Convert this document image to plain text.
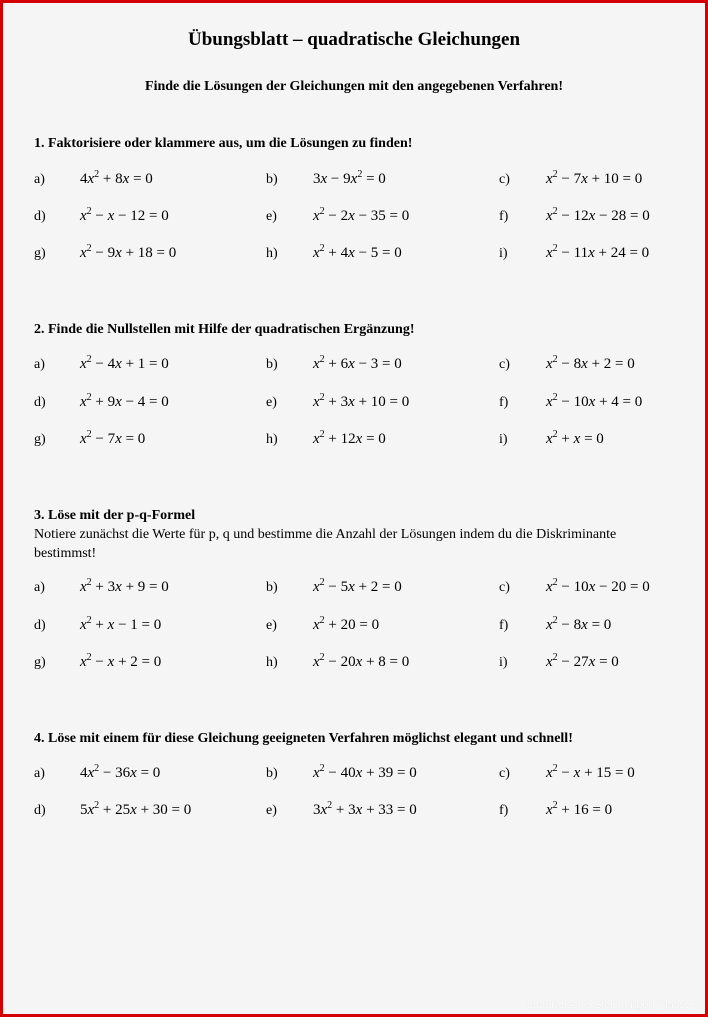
Übungsblatt – quadratische Gleichungen
Finde die Lösungen der Gleichungen mit den angegebenen Verfahren!
1. Faktorisiere oder klammere aus, um die Lösungen zu finden!
a) $4x^2 + 8x = 0$	b) $3x - 9x^2 = 0$	c) $x^2 - 7x + 10 = 0$
d) $x^2 - x - 12 = 0$	e) $x^2 - 2x - 35 = 0$	f)	$x^2 - 12x - 28 = 0$
g) $x^2 - 9x + 18 = 0$	h) $x^2 + 4x - 5 = 0$	i)	$x^2 - 11x + 24 = 0$
2. Finde die Nullstellen mit Hilfe der quadratischen Ergänzung!
a) $x^2 - 4x + 1 = 0$	b) $x^2 + 6x - 3 = 0$	c) $x^2 - 8x + 2 = 0$
d) $x^2 + 9x - 4 = 0$	e) $x^2 + 3x + 10 = 0$	f)	$x^2 - 10x + 4 = 0$
g) $x^2 - 7x = 0$	h) $x^2 + 12x = 0$	i)	$x^2 + x = 0$
3. Löse mit der p-q-Formel
Notiere zunächst die Werte für p, q und bestimme die Anzahl der Lösungen indem du die Diskriminante bestimmst!
a) $x^2 + 3x + 9 = 0$	b) $x^2 - 5x + 2 = 0$	c) $x^2 - 10x - 20 = 0$
d) $x^2 + x - 1 = 0$	e) $x^2 + 20 = 0$	f)	$x^2 - 8x = 0$
g) $x^2 - x + 2 = 0$	h) $x^2 - 20x + 8 = 0$	i)	$x^2 - 27x = 0$
4. Löse mit einem für diese Gleichung geeigneten Verfahren möglichst elegant und schnell!
a) $4x^2 - 36x = 0$	b) $x^2 - 40x + 39 = 0$	c) $x^2 - x + 15 = 0$
d) $5x^2 + 25x + 30 = 0$	e) $3x^2 + 3x + 33 = 0$	f)	$x^2 + 16 = 0$
quadratische Gleichungen Klasse 9
